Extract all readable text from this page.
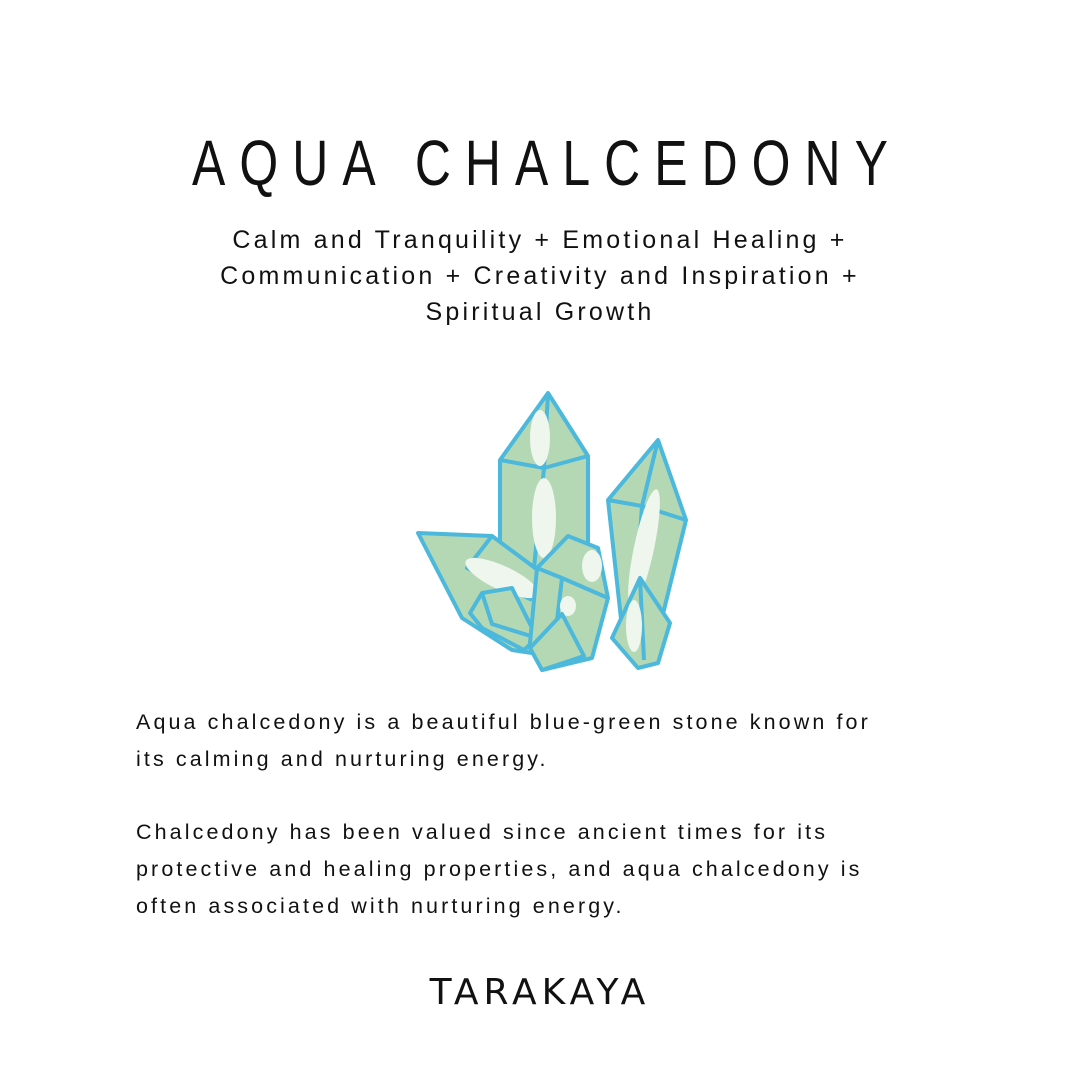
AQUA CHALCEDONY
Calm and Tranquility + Emotional Healing +
Communication + Creativity and Inspiration +
Spiritual Growth
Aqua chalcedony is a beautiful blue-green stone known for
its calming and nurturing energy.
Chalcedony has been valued since ancient times for its
protective and healing properties, and aqua chalcedony is
often associated with nurturing energy.
TARAKAYA
